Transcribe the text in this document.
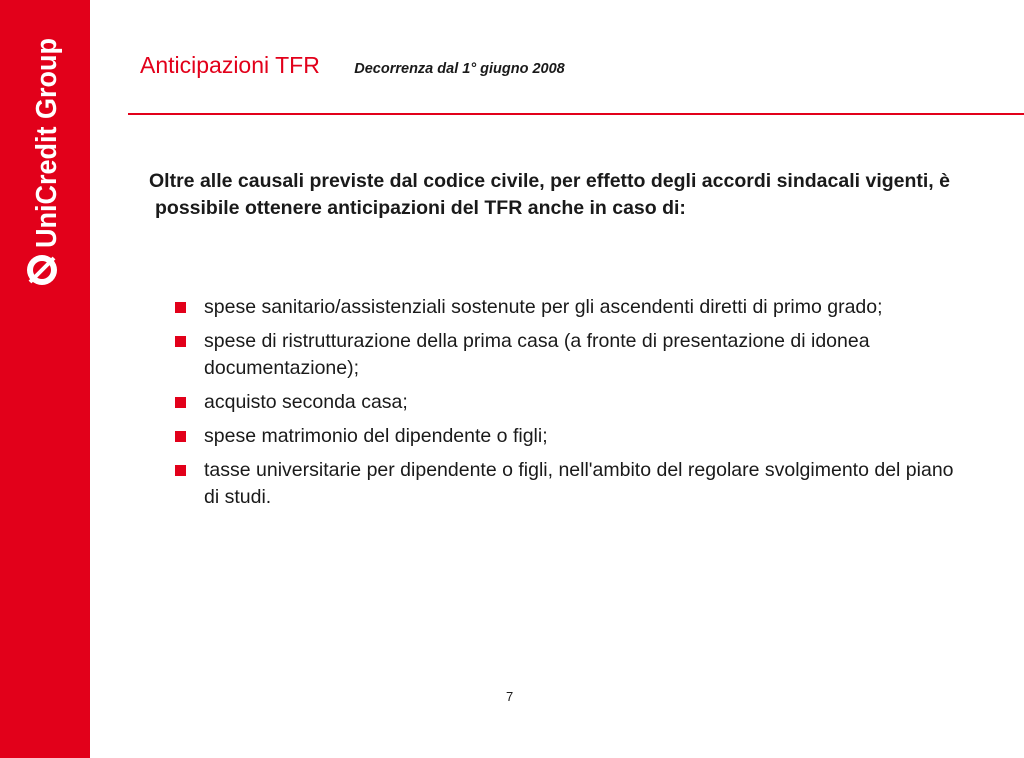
UniCredit Group	Anticipazioni TFR Decorrenza dal 1° giugno 2008
Oltre alle causali previste dal codice civile, per effetto degli accordi sindacali vigenti, è possibile ottenere anticipazioni del TFR anche in caso di:
spese sanitario/assistenziali sostenute per gli ascendenti diretti di primo grado;
spese di ristrutturazione della prima casa (a fronte di presentazione di idonea documentazione);
acquisto seconda casa;
spese matrimonio del dipendente o figli;
tasse universitarie per dipendente o figli, nell'ambito del regolare svolgimento del piano di studi.
7
